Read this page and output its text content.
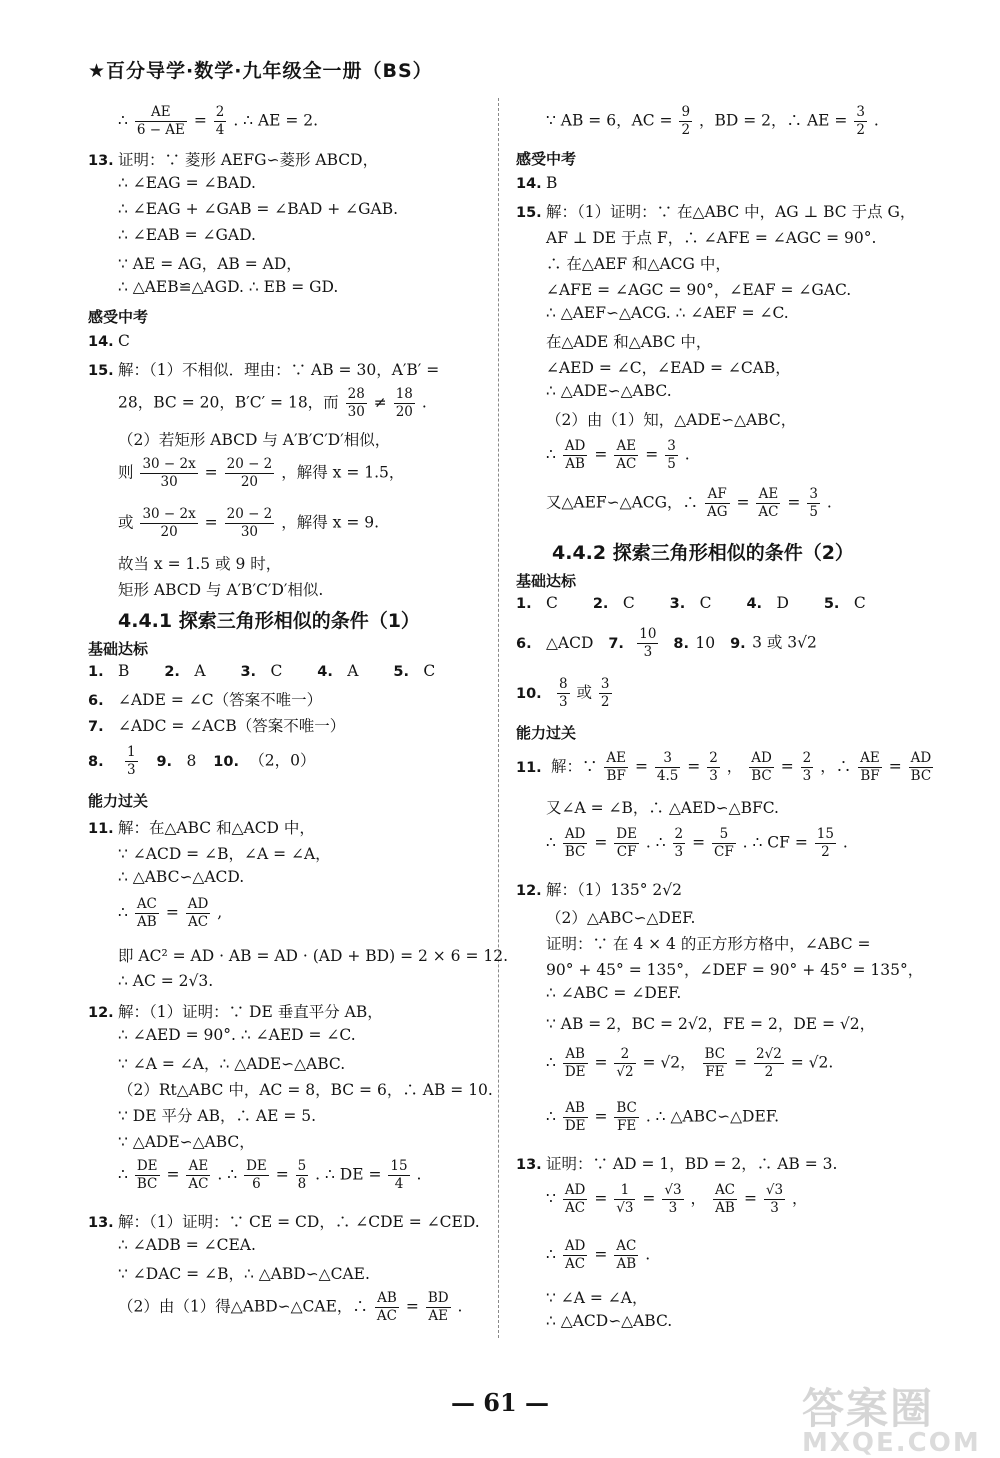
★百分导学·数学·九年级全一册（BS）
∴ $\frac{AE}{6 - AE} = \frac{2}{4}$ . ∴ AE = 2.
13. 证明：∵ 菱形 AEFG∽菱形 ABCD，
∴ ∠EAG = ∠BAD.
∴ ∠EAG + ∠GAB = ∠BAD + ∠GAB.
∴ ∠EAB = ∠GAD.
∵ AE = AG，AB = AD，
∴ △AEB≌△AGD. ∴ EB = GD.
感受中考
14. C
15. 解：（1）不相似．理由：∵ AB = 30，A′B′ =
28，BC = 20，B′C′ = 18，而 $\frac{28}{30} \ne \frac{18}{20}$ .
（2）若矩形 ABCD 与 A′B′C′D′相似，
则 $\frac{30 - 2x}{30} = \frac{20 - 2}{20}$ ，解得 x = 1.5，
或 $\frac{30 - 2x}{20} = \frac{20 - 2}{30}$ ，解得 x = 9.
故当 x = 1.5 或 9 时，
矩形 ABCD 与 A′B′C′D′相似.
4.4.1 探索三角形相似的条件（1）
基础达标
1. B 2. A 3. C 4. A 5. C
6. ∠ADE = ∠C（答案不唯一）
7. ∠ADC = ∠ACB（答案不唯一）
8. $\frac{1}{3} 9$. 8 10. （2，0）
能力过关
11. 解：在△ABC 和△ACD 中，
∵ ∠ACD = ∠B，∠A = ∠A，
∴ △ABC∽△ACD.
∴ $\frac{AC}{AB} = \frac{AD}{AC}$ ,
即 AC² = AD · AB = AD · (AD + BD) = 2 × 6 = 12.
∴ AC = 2√3.
12. 解：（1）证明：∵ DE 垂直平分 AB，
∴ ∠AED = 90°. ∴ ∠AED = ∠C.
∵ ∠A = ∠A，∴ △ADE∽△ABC.
（2）Rt△ABC 中，AC = 8，BC = 6，∴ AB = 10.
∵ DE 平分 AB，∴ AE = 5.
∵ △ADE∽△ABC，
∴ $\frac{DE}{BC} = \frac{AE}{AC}$ . ∴ $\frac{DE}{6} = \frac{5}{8}$ . ∴ DE = $\frac{15}{4}$ .
13. 解：（1）证明：∵ CE = CD，∴ ∠CDE = ∠CED.
∴ ∠ADB = ∠CEA.
∵ ∠DAC = ∠B，∴ △ABD∽△CAE.
（2）由（1）得△ABD∽△CAE，∴ $\frac{AB}{AC} = \frac{BD}{AE}$ .
∵ AB = 6，AC = $\frac{9}{2}$ ，BD = 2，∴ AE = $\frac{3}{2}$ .
感受中考
14. B
15. 解：（1）证明：∵ 在△ABC 中，AG ⊥ BC 于点 G，
AF ⊥ DE 于点 F，∴ ∠AFE = ∠AGC = 90°.
∴ 在△AEF 和△ACG 中，
∠AFE = ∠AGC = 90°，∠EAF = ∠GAC.
∴ △AEF∽△ACG. ∴ ∠AEF = ∠C.
在△ADE 和△ABC 中，
∠AED = ∠C，∠EAD = ∠CAB，
∴ △ADE∽△ABC.
（2）由（1）知，△ADE∽△ABC，
∴ $\frac{AD}{AB} = \frac{AE}{AC} = \frac{3}{5}$ .
又△AEF∽△ACG，∴ $\frac{AF}{AG} = \frac{AE}{AC} = \frac{3}{5}$ .
4.4.2 探索三角形相似的条件（2）
基础达标
1. C 2. C 3. C 4. D 5. C
6. △ACD 7. $\frac{10}{3} 8$. 10 9. 3 或 3√2
10. $\frac{8}{3}$ 或 $\frac{3}{2}$
能力过关
11. 解：∵ $\frac{AE}{BF} = \frac{3}{4.5} = \frac{2}{3}$ ， $\frac{AD}{BC} = \frac{2}{3}$ ，∴ $\frac{AE}{BF} = \frac{AD}{BC}$
又∠A = ∠B，∴ △AED∽△BFC.
∴ $\frac{AD}{BC} = \frac{DE}{CF}$ . ∴ $\frac{2}{3} = \frac{5}{CF}$ . ∴ CF = $\frac{15}{2}$ .
12. 解：（1）135° 2√2
（2）△ABC∽△DEF.
证明：∵ 在 4 × 4 的正方形方格中，∠ABC =
90° + 45° = 135°，∠DEF = 90° + 45° = 135°，
∴ ∠ABC = ∠DEF.
∵ AB = 2，BC = 2√2，FE = 2，DE = √2，
∴ $\frac{AB}{DE} = \frac{2}{√2} = √2$， $\frac{BC}{FE} = \frac{2√2}{2} = √2$.
∴ $\frac{AB}{DE} = \frac{BC}{FE}$ . ∴ △ABC∽△DEF.
13. 证明：∵ AD = 1，BD = 2，∴ AB = 3.
∵ $\frac{AD}{AC} = \frac{1}{√3} = \frac{√3}{3}$ ， $\frac{AC}{AB} = \frac{√3}{3}$ ，
∴ $\frac{AD}{AC} = \frac{AC}{AB}$ .
∵ ∠A = ∠A，
∴ △ACD∽△ABC.
— 61 —	答案圈
MXQE.COM
